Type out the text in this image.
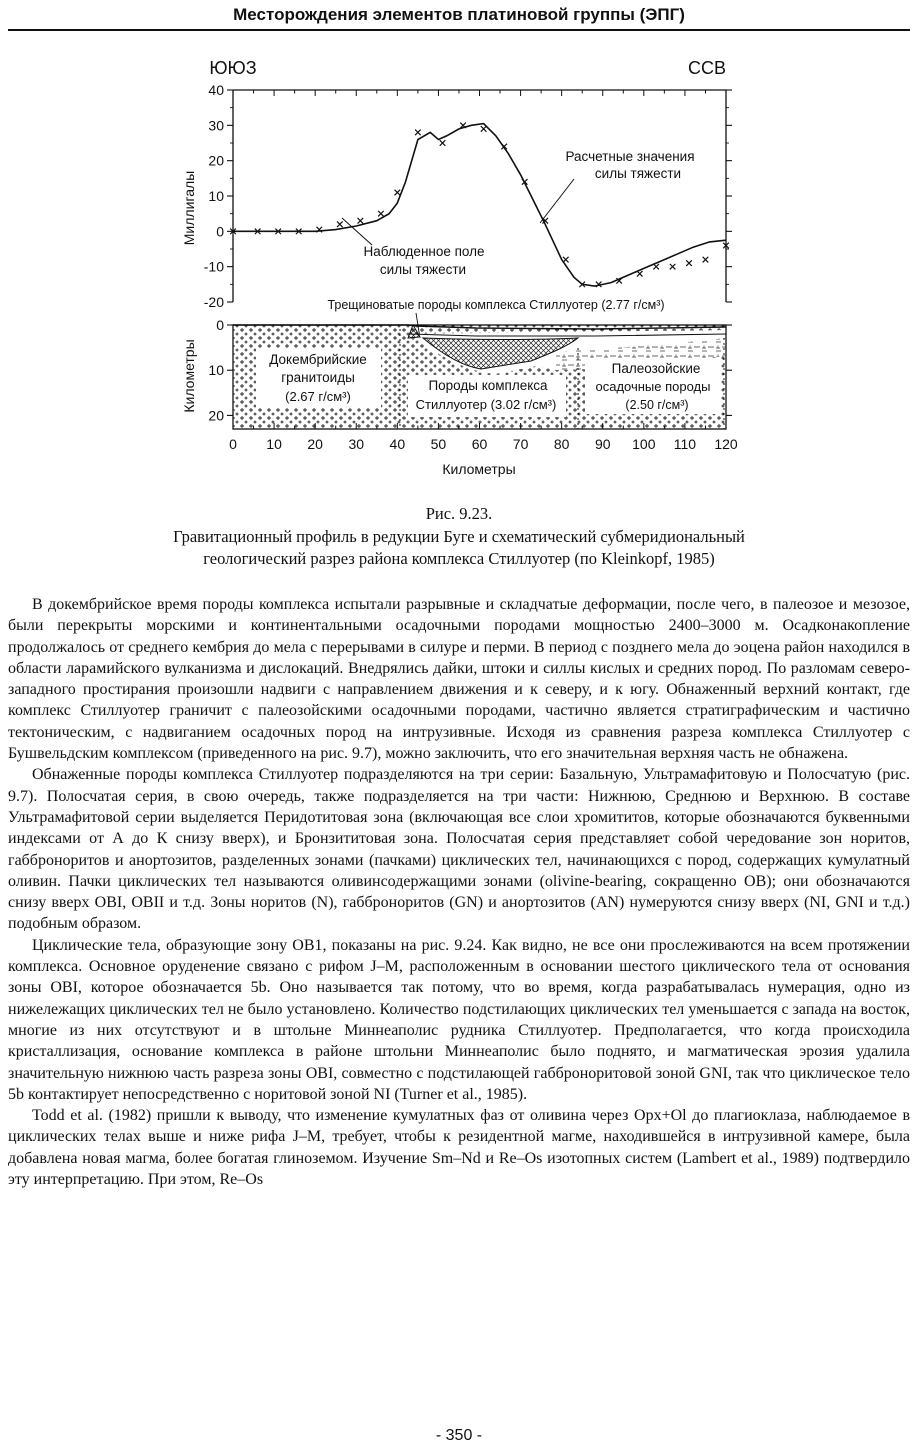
Месторождения элементов платиновой группы (ЭПГ)
ЮЮЗ	ССВ
40
30
20
10
0
-10
-20
Миллигалы
Расчетные значения
силы тяжести
Наблюденное поле
силы тяжести
Трещиноватые породы комплекса Стиллуотер (2.77 г/см³)
Докембрийские
гранитоиды
(2.67 г/см³)
Породы комплекса
Стиллуотер (3.02 г/см³)
Палеозойские
осадочные породы
(2.50 г/см³)
0
10
20
0 10 20 30 40 50 60 70 80 90 100 110 120
Километры
Километры
Рис. 9.23.
Гравитационный профиль в редукции Буге и схематический субмеридиональный
геологический разрез района комплекса Стиллуотер (по Kleinkopf, 1985)

В докембрийское время породы комплекса испытали разрывные и складчатые деформации, после чего, в палеозое и мезозое, были перекрыты морскими и континентальными осадочными породами мощностью 2400–3000 м. Осадконакопление продолжалось от среднего кембрия до мела с перерывами в силуре и перми. В период с позднего мела до эоцена район находился в области ларамийского вулканизма и дислокаций. Внедрялись дайки, штоки и силлы кислых и средних пород. По разломам северо-западного простирания произошли надвиги с направлением движения и к северу, и к югу. Обнаженный верхний контакт, где комплекс Стиллуотер граничит с палеозойскими осадочными породами, частично является стратиграфическим и частично тектоническим, с надвиганием осадочных пород на интрузивные. Исходя из сравнения разреза комплекса Стиллуотер с Бушвельдским комплексом (приведенного на рис. 9.7), можно заключить, что его значительная верхняя часть не обнажена.

Обнаженные породы комплекса Стиллуотер подразделяются на три серии: Базальную, Ультрамафитовую и Полосчатую (рис. 9.7). Полосчатая серия, в свою очередь, также подразделяется на три части: Нижнюю, Среднюю и Верхнюю. В составе Ультрамафитовой серии выделяется Перидотитовая зона (включающая все слои хромититов, которые обозначаются буквенными индексами от А до К снизу вверх), и Бронзититовая зона. Полосчатая серия представляет собой чередование зон норитов, габброноритов и анортозитов, разделенных зонами (пачками) циклических тел, начинающихся с пород, содержащих кумулатный оливин. Пачки циклических тел называются оливинсодержащими зонами (olivine-bearing, сокращенно OB); они обозначаются снизу вверх OBI, OBII и т.д. Зоны норитов (N), габброноритов (GN) и анортозитов (AN) нумеруются снизу вверх (NI, GNI и т.д.) подобным образом.

Циклические тела, образующие зону OB1, показаны на рис. 9.24. Как видно, не все они прослеживаются на всем протяжении комплекса. Основное оруденение связано с рифом J–M, расположенным в основании шестого циклического тела от основания зоны OBI, которое обозначается 5b. Оно называется так потому, что во время, когда разрабатывалась нумерация, одно из нижележащих циклических тел не было установлено. Количество подстилающих циклических тел уменьшается с запада на восток, многие из них отсутствуют и в штольне Миннеаполис рудника Стиллуотер. Предполагается, что когда происходила кристаллизация, основание комплекса в районе штольни Миннеаполис было поднято, и магматическая эрозия удалила значительную нижнюю часть разреза зоны OBI, совместно с подстилающей габброноритовой зоной GNI, так что циклическое тело 5b контактирует непосредственно с норитовой зоной NI (Turner et al., 1985).

Todd et al. (1982) пришли к выводу, что изменение кумулатных фаз от оливина через Opx+Ol до плагиоклаза, наблюдаемое в циклических телах выше и ниже рифа J–M, требует, чтобы к резидентной магме, находившейся в интрузивной камере, была добавлена новая магма, более богатая глиноземом. Изучение Sm–Nd и Re–Os изотопных систем (Lambert et al., 1989) подтвердило эту интерпретацию. При этом, Re–Os

- 350 -
